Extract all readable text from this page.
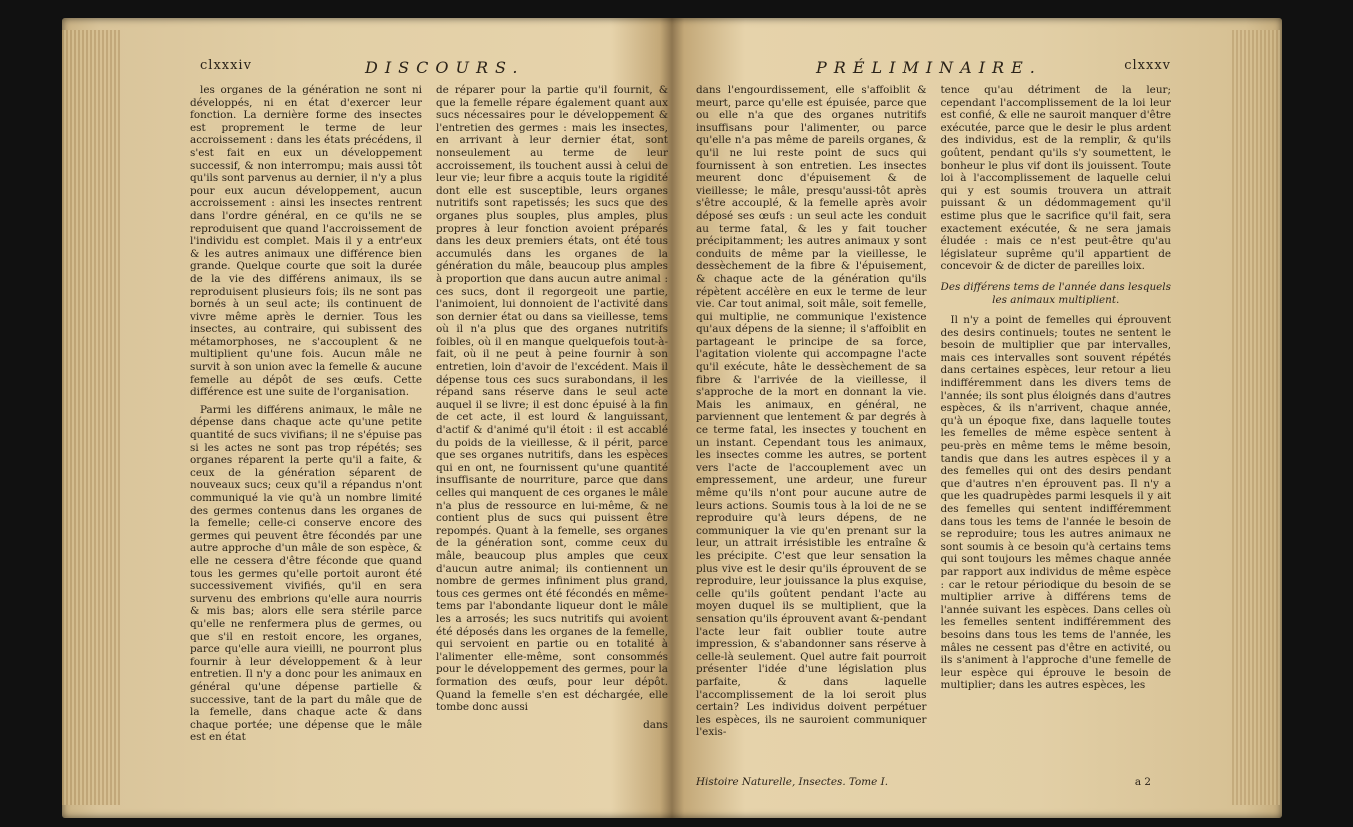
clxxxiv	DISCOURS.

les organes de la génération ne sont ni développés, ni en état d'exercer leur fonction. La dernière forme des insectes est proprement le terme de leur accroissement : dans les états précédens, il s'est fait en eux un développement successif, & non interrompu; mais aussi tôt qu'ils sont parvenus au dernier, il n'y a plus pour eux aucun développement, aucun accroissement : ainsi les insectes rentrent dans l'ordre général, en ce qu'ils ne se reproduisent que quand l'accroissement de l'individu est complet. Mais il y a entr'eux & les autres animaux une différence bien grande. Quelque courte que soit la durée de la vie des différens animaux, ils se reproduisent plusieurs fois; ils ne sont pas bornés à un seul acte; ils continuent de vivre même après le dernier. Tous les insectes, au contraire, qui subissent des métamorphoses, ne s'accouplent & ne multiplient qu'une fois. Aucun mâle ne survit à son union avec la femelle & aucune femelle au dépôt de ses œufs. Cette différence est une suite de l'organisation.

Parmi les différens animaux, le mâle ne dépense dans chaque acte qu'une petite quantité de sucs vivifians; il ne s'épuise pas si les actes ne sont pas trop répétés; ses organes réparent la perte qu'il a faite, & ceux de la génération séparent de nouveaux sucs; ceux qu'il a répandus n'ont communiqué la vie qu'à un nombre limité des germes contenus dans les organes de la femelle; celle-ci conserve encore des germes qui peuvent être fécondés par une autre approche d'un mâle de son espèce, & elle ne cessera d'être féconde que quand tous les germes qu'elle portoit auront été successivement vivifiés, qu'il en sera survenu des embrions qu'elle aura nourris & mis bas; alors elle sera stérile parce qu'elle ne renfermera plus de germes, ou que s'il en restoit encore, les organes, parce qu'elle aura vieilli, ne pourront plus fournir à leur développement & à leur entretien. Il n'y a donc pour les animaux en général qu'une dépense partielle & successive, tant de la part du mâle que de la femelle, dans chaque acte & dans chaque portée; une dépense que le mâle est en état

de réparer pour la partie qu'il fournit, & que la femelle répare également quant aux sucs nécessaires pour le développement & l'entretien des germes : mais les insectes, en arrivant à leur dernier état, sont nonseulement au terme de leur accroissement, ils touchent aussi à celui de leur vie; leur fibre a acquis toute la rigidité dont elle est susceptible, leurs organes nutritifs sont rapetissés; les sucs que des organes plus souples, plus amples, plus propres à leur fonction avoient préparés dans les deux premiers états, ont été tous accumulés dans les organes de la génération du mâle, beaucoup plus amples à proportion que dans aucun autre animal : ces sucs, dont il regorgeoit une partie, l'animoient, lui donnoient de l'activité dans son dernier état ou dans sa vieillesse, tems où il n'a plus que des organes nutritifs foibles, où il en manque quelquefois tout-à-fait, où il ne peut à peine fournir à son entretien, loin d'avoir de l'excédent. Mais il dépense tous ces sucs surabondans, il les répand sans réserve dans le seul acte auquel il se livre; il est donc épuisé à la fin de cet acte, il est lourd & languissant, d'actif & d'animé qu'il étoit : il est accablé du poids de la vieillesse, & il périt, parce que ses organes nutritifs, dans les espèces qui en ont, ne fournissent qu'une quantité insuffisante de nourriture, parce que dans celles qui manquent de ces organes le mâle n'a plus de ressource en lui-même, & ne contient plus de sucs qui puissent être repompés. Quant à la femelle, ses organes de la génération sont, comme ceux du mâle, beaucoup plus amples que ceux d'aucun autre animal; ils contiennent un nombre de germes infiniment plus grand, tous ces germes ont été fécondés en même-tems par l'abondante liqueur dont le mâle les a arrosés; les sucs nutritifs qui avoient été déposés dans les organes de la femelle, qui servoient en partie ou en totalité à l'alimenter elle-même, sont consommés pour le développement des germes, pour la formation des œufs, pour leur dépôt. Quand la femelle s'en est déchargée, elle tombe donc aussi

dans
PRÉLIMINAIRE.	clxxxv

dans l'engourdissement, elle s'affoiblit & meurt, parce qu'elle est épuisée, parce que ou elle n'a que des organes nutritifs insuffisans pour l'alimenter, ou parce qu'elle n'a pas même de pareils organes, & qu'il ne lui reste point de sucs qui fournissent à son entretien. Les insectes meurent donc d'épuisement & de vieillesse; le mâle, presqu'aussi-tôt après s'être accouplé, & la femelle après avoir déposé ses œufs : un seul acte les conduit au terme fatal, & les y fait toucher précipitamment; les autres animaux y sont conduits de même par la vieillesse, le dessèchement de la fibre & l'épuisement, & chaque acte de la génération qu'ils répètent accélère en eux le terme de leur vie. Car tout animal, soit mâle, soit femelle, qui multiplie, ne communique l'existence qu'aux dépens de la sienne; il s'affoiblit en partageant le principe de sa force, l'agitation violente qui accompagne l'acte qu'il exécute, hâte le dessèchement de sa fibre & l'arrivée de la vieillesse, il s'approche de la mort en donnant la vie. Mais les animaux, en général, ne parviennent que lentement & par degrés à ce terme fatal, les insectes y touchent en un instant. Cependant tous les animaux, les insectes comme les autres, se portent vers l'acte de l'accouplement avec un empressement, une ardeur, une fureur même qu'ils n'ont pour aucune autre de leurs actions. Soumis tous à la loi de ne se reproduire qu'à leurs dépens, de ne communiquer la vie qu'en prenant sur la leur, un attrait irrésistible les entraîne & les précipite. C'est que leur sensation la plus vive est le desir qu'ils éprouvent de se reproduire, leur jouissance la plus exquise, celle qu'ils goûtent pendant l'acte au moyen duquel ils se multiplient, que la sensation qu'ils éprouvent avant &-pendant l'acte leur fait oublier toute autre impression, & s'abandonner sans réserve à celle-là seulement. Quel autre fait pourroit présenter l'idée d'une législation plus parfaite, & dans laquelle l'accomplissement de la loi seroit plus certain? Les individus doivent perpétuer les espèces, ils ne sauroient communiquer l'exis-

tence qu'au détriment de la leur; cependant l'accomplissement de la loi leur est confié, & elle ne sauroit manquer d'être exécutée, parce que le desir le plus ardent des individus, est de la remplir, & qu'ils goûtent, pendant qu'ils s'y soumettent, le bonheur le plus vif dont ils jouissent. Toute loi à l'accomplissement de laquelle celui qui y est soumis trouvera un attrait puissant & un dédommagement qu'il estime plus que le sacrifice qu'il fait, sera exactement exécutée, & ne sera jamais éludée : mais ce n'est peut-être qu'au législateur suprême qu'il appartient de concevoir & de dicter de pareilles loix.

Des différens tems de l'année dans lesquels les animaux multiplient.

Il n'y a point de femelles qui éprouvent des desirs continuels; toutes ne sentent le besoin de multiplier que par intervalles, mais ces intervalles sont souvent répétés dans certaines espèces, leur retour a lieu indifféremment dans les divers tems de l'année; ils sont plus éloignés dans d'autres espèces, & ils n'arrivent, chaque année, qu'à un époque fixe, dans laquelle toutes les femelles de même espèce sentent à peu-près en même tems le même besoin, tandis que dans les autres espèces il y a des femelles qui ont des desirs pendant que d'autres n'en éprouvent pas. Il n'y a que les quadrupèdes parmi lesquels il y ait des femelles qui sentent indifféremment dans tous les tems de l'année le besoin de se reproduire; tous les autres animaux ne sont soumis à ce besoin qu'à certains tems qui sont toujours les mêmes chaque année par rapport aux individus de même espèce : car le retour périodique du besoin de se multiplier arrive à différens tems de l'année suivant les espèces. Dans celles où les femelles sentent indifféremment des besoins dans tous les tems de l'année, les mâles ne cessent pas d'être en activité, ou ils s'animent à l'approche d'une femelle de leur espèce qui éprouve le besoin de multiplier; dans les autres espèces, les

Histoire Naturelle, Insectes. Tome I.	a 2
